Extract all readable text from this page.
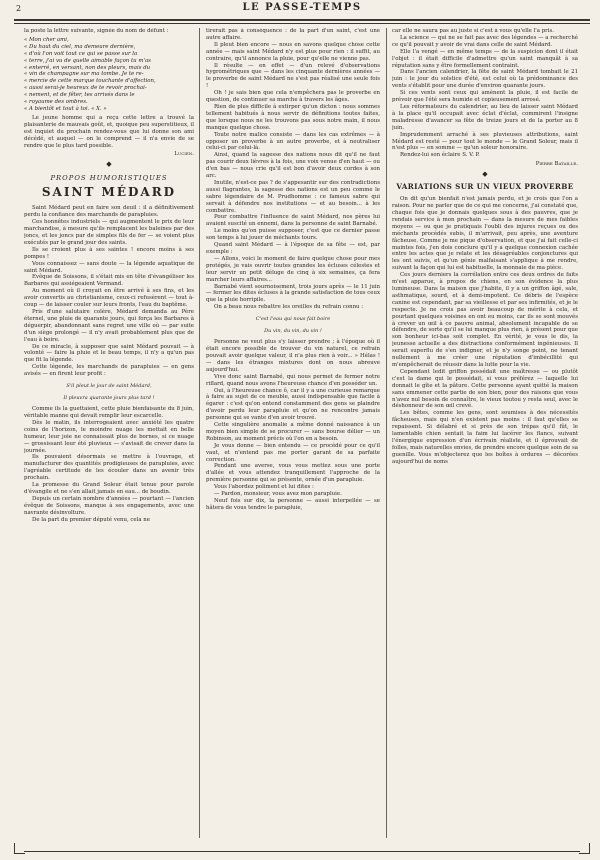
2	LE PASSE-TEMPS

la poste la lettre suivante, signée du nom de défunt :

« Mon cher ami,

« Du haut du ciel, ma demeure dernière,

« d'où l'on voit tout ce qui se passe sur la

« terre, j'ai vu de quelle aimable façon tu m'as

« enterré, en versant, non des pleurs, mais du

« vin de champagne sur ma tombe. Je te re-

« mercie de cette marque touchante d'affection,

« aussi serai-je heureux de te revoir prochai-

« nement, et de fêter, tes arrivés dans le

« royaume des ombres.

« A bientôt et tout à toi. « X. »

Le jeune homme qui a reçu cette lettre a trouvé la plaisanterie de mauvais goût, et, quoique peu superstitieux, il est inquiet du prochain rendez-vous que lui donne son ami décédé, et auquel — on le comprend — il n'a envie de se rendre que le plus tard possible.

Lucien.
◆
PROPOS HUMORISTIQUES
SAINT MÉDARD

Saint Médard peut en faire son deuil : il a définitivement perdu la confiance des marchands de parapluies.

Ces honnêtes industriels — qui augmentent le prix de leur marchandise, à mesure qu'ils remplacent les baleines par des joncs, et les joncs par de simples fils de fer — se voient plus exécutés par le grand jour des saints.

Ils se croient plus à ses saintes ! encore moins à ses pompes !

Vous connaissez — sans doute — la légende aquatique de saint Médard.

Evêque de Soissons, il s'était mis en tête d'évangéliser les Barbares qui assiégeaient Vermand.

Au moment où il croyait en être arrivé à ses fins, et les avoir convertis au christianisme, ceux-ci refusèrent — tout à-coup — de laisser couler sur leurs fronts, l'eau du baptême.

Pris d'une salutaire colère, Médard demanda au Père éternel, une pluie de quarante jours, qui força les Barbares à déguerpir, abandonnant sans regret une ville où — par suite d'un siège prolongé — il n'y avait probablement plus que de l'eau à boire.

De ce miracle, à supposer que saint Médard pouvait — à volonté — faire la pluie et le beau temps, il n'y a qu'un pas que fit la légende.

Cette légende, les marchands de parapluies — en gens avisés — en firent leur profit :

S'il pleut le jour de saint Médard,

Il pleuvra quarante jours plus tard !

Comme ils la guettaient, cette pluie bienfaisante du 8 juin, véritable manne qui devait remplir leur escarcelle.

Dès le matin, ils interrogeaient avec anxiété les quatre coins de l'horizon, le moindre nuage les mettait en belle humeur, leur joie ne connaissait plus de bornes, si ce nuage — grossissant leur été pluvieux — s'avisait de crever dans la journée.

Ils pouvaient désormais se mettre à l'ouvrage, et manufacturer des quantités prodigieuses de parapluies, avec l'agréable certitude de les écouler dans un avenir très prochain.

La promesse du Grand Soleur était tenue pour parole d'évangile et ne s'en allait jamais en eau... de boudin.

Depuis un certain nombre d'années — pourtant — l'ancien évêque de Soissons, manque à ses engagements, avec une navrante désinvolture.

De la part du premier député venu, cela ne

tirerait pas à conséquence : de la part d'un saint, c'est une autre affaire.

Il pleut bien encore — nous en savons quelque chose cette année — mais saint Médard n'y est plus pour rien : il suffit, au contraire, qu'il annonce la pluie, pour qu'elle ne vienne pas.

Il résulte — en effet — d'un relevé d'observations hygrométriques que — dans les cinquante dernières années — le proverbe de saint Médard ne s'est pas réalisé une seule fois !

Oh ! je sais bien que cela n'empêchera pas le proverbe en question, de continuer sa marche à travers les âges.

Rien de plus difficile à extirper qu'un dicton : nous sommes tellement habitués à nous servir de définitions toutes faites, que lorsque nous ne les trouvons pas sous notre main, il nous manque quelque chose.

Toute notre malice consiste — dans les cas extrêmes — à opposer un proverbe à un autre proverbe, et à neutraliser celui-ci par celui-là.

Ainsi, quand la sagesse des nations nous dit qu'il ne faut pas courir deux lièvres à la fois, une voix venue d'en haut — ou d'en bas — nous crie qu'il est bon d'avoir deux cordes à son arc.

Inutile, n'est-ce pas ? de s'appesantir sur des contradictions aussi flagrantes, la sagesse des nations est un peu comme le sabre légendaire de M. Prudhomme : ce fameux sabre qui servait à défendre nos institutions — et au besoin... à les combattre.

Pour combattre l'influence de saint Médard, nos pères lui avaient suscité un ennemi, dans la personne de saint Barnabé.

Le moins qu'on puisse supposer, c'est que ce dernier passe son temps à lui jouer de méchants tours.

Quand saint Médard — à l'époque de sa fête — est, par exemple :

— Allons, voici le moment de faire quelque chose pour mes protégés, je vais ouvrir toutes grandes les écluses célestes et leur servir un petit déluge de cinq à six semaines, ça fera marcher leurs affaires...

Barnabé vient sournoisement, trois jours après — le 11 juin — fermer les dites écluses à la grande satisfaction de tous ceux que la pluie horripile.

On a beau nous rebattre les oreilles du refrain connu :

C'est l'eau qui nous fait boire

Du vin, du vin, du vin !

Personne ne veut plus s'y laisser prendre ; à l'époque où il était encore possible de trouver du vin naturel, ce refrain pouvait avoir quelque valeur, il n'a plus rien à voir... » Hélas ! — dans les étranges mixtures dont on nous abreuve aujourd'hui.

Vive donc saint Barnabé, qui nous permet de fermer notre riflard, quand nous avons l'heureuse chance d'en posséder un.

Oui, à l'heureuse chance ô, car il y a une curieuse remarque à faire au sujet de ce meuble, aussi indispensable que facile à égarer : c'est qu'on entend constamment des gens se plaindre d'avoir perdu leur parapluie et qu'on ne rencontre jamais personne qui se vante d'en avoir trouvé.

Cette singulière anomalie a même donné naissance à un moyen bien simple de se procurer — sans bourse délier — un Robinson, au moment précis où l'on en a besoin.

Je vous donne — bien entendu — ce procédé pour ce qu'il vaut, et n'entend pas me porter garant de sa parfaite correction.

Pendant une averse, vous vous mettez sous une porte d'allée et vous attendez tranquillement l'approche de la première personne qui se présente, ornée d'un parapluie.

Vous l'abordez poliment et lui dites :

— Pardon, monsieur, vous avez mon parapluie.

Neuf fois sur dix, la personne — aussi interpellée — se hâtera de vous tendre le parapluie,

car elle ne saura pas au juste si c'est à vous qu'elle l'a pris.

La science — qui ne se fait pas avec des légendes — a recherché ce qu'il pouvait y avoir de vrai dans celle de saint Médard.

Elle l'a vengé — en même temps — de la suspicion dont il était l'objet : il était difficile d'admettre qu'un saint manquât à sa réputation sans y être formellement contraint.

Dans l'ancien calendrier, la fête de saint Médard tombait le 21 juin : le jour du solstice d'été, est celui où la prédominance des vents s'établit pour une durée d'environ quarante jours.

Si ces vents sont ceux qui amènent la pluie, il est facile de prévoir que l'été sera humide et copieusement arrosé.

Les réformateurs du calendrier, au lieu de laisser saint Médard à la place qu'il occupait avec éclat d'éclat, commirent l'insigne maladresse d'avancer sa fête de treize jours et de la porter au 8 juin.

Imprudemment arraché à ses pluvieuses attributions, saint Médard est resté — pour tout le monde — le Grand Soleur, mais il n'est plus — en somme — qu'un soleur honoraire.

Rendez-lui son éclaire S. V. P.

Pierre Bataille.
◆
VARIATIONS SUR UN VIEUX PROVERBE

On dit qu'un bienfait n'est jamais perdu, et je crois que l'on a raison. Pour ne parler que de ce qui me concerne, j'ai constaté que, chaque fois que je donnais quelques sous à des pauvres, que je rendais service à mon prochain — dans la mesure de mes faibles moyens — ou que je pratiquais l'oubli des injures reçues ou des méchants procédés subis, il m'arrivait, peu après, une aventure fâcheuse. Comme je me pique d'observation, et que j'ai fait celle-ci maintes fois, j'en dois conclure qu'il y a quelque connexion cachée entre les actes que je relate et les désagréables conjonctures qui les ont suivis, et qu'un génie malfaisant s'applique à me rendre, suivant la façon qui lui est habituelle, la monnaie de ma pièce.

Ces jours derniers la corrélation entre ces deux ordres de faits m'est apparue, à propos de chiens, en son évidence la plus lumineuse. Dans la maison que j'habite, il y a un griffon âgé, sale, asthmatique, sourd, et à demi-impotent. Ce débris de l'espèce canine est cependant, par sa vieillesse et par ses infirmités, et je le respecte. Je ne crois pas avoir beaucoup de mérite à cela, et pourtant quelques voisines en ont eu moins, car ils se sont mouvés à crever un œil à ce pauvre animal, absolument incapable de se défendre, de sorte qu'il se lui manque plus rien, à présent pour que son bonheur ici-bas soit complet. En vérité, je vous le dis, la jeunesse actuelle a des distractions conformément ingénieuses. Il serait superflu de s'en indigner, et je n'y songe point, ne tenant nullement à me créer une réputation d'imbécillité qui m'empêcherait de réussir dans la lutte pour la vie.

Cependant ledit griffon possédait une maîtresse — ou plutôt c'est la dame qui le possédait, si vous préférez — laquelle lui donnait le gîte et la pâture. Cette personne ayant quitté la maison sans emmener cette partie de son bien, pour des raisons que vous n'avez nul besoin de connaître, le vieux toutou y resta seul, avec le déshonneur de son œil crevé.

Les bêtes, comme les gens, sont soumises à des nécessités fâcheuses, mais qui n'en existent pas moins : il faut qu'elles se repaissent. Si délabré et si près de son trépas qu'il fût, le lamentable chien sentait la faim lui lacérer les flancs, suivant l'énergique expression d'un écrivain réaliste, et il éprouvait de folles, mais naturelles envies, de prendre encore quelque soin de sa guenille. Vous m'objecterez que les boîtes à ordures — décorées aujourd'hui de noms
